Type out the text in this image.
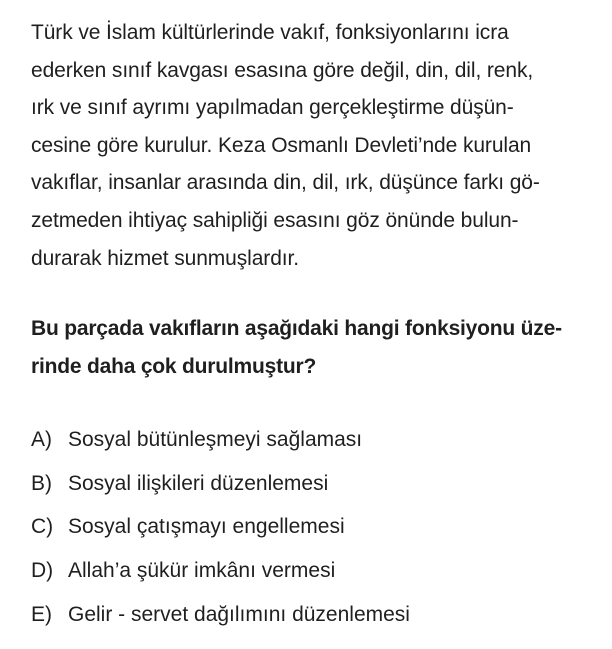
Türk ve İslam kültürlerinde vakıf, fonksiyonlarını icra
ederken sınıf kavgası esasına göre değil, din, dil, renk,
ırk ve sınıf ayrımı yapılmadan gerçekleştirme düşün-
cesine göre kurulur. Keza Osmanlı Devleti’nde kurulan
vakıflar, insanlar arasında din, dil, ırk, düşünce farkı gö-
zetmeden ihtiyaç sahipliği esasını göz önünde bulun-
durarak hizmet sunmuşlardır.
Bu parçada vakıfların aşağıdaki hangi fonksiyonu üze-
rinde daha çok durulmuştur?
A) Sosyal bütünleşmeyi sağlaması
B) Sosyal ilişkileri düzenlemesi
C) Sosyal çatışmayı engellemesi
D) Allah’a şükür imkânı vermesi
E) Gelir - servet dağılımını düzenlemesi
